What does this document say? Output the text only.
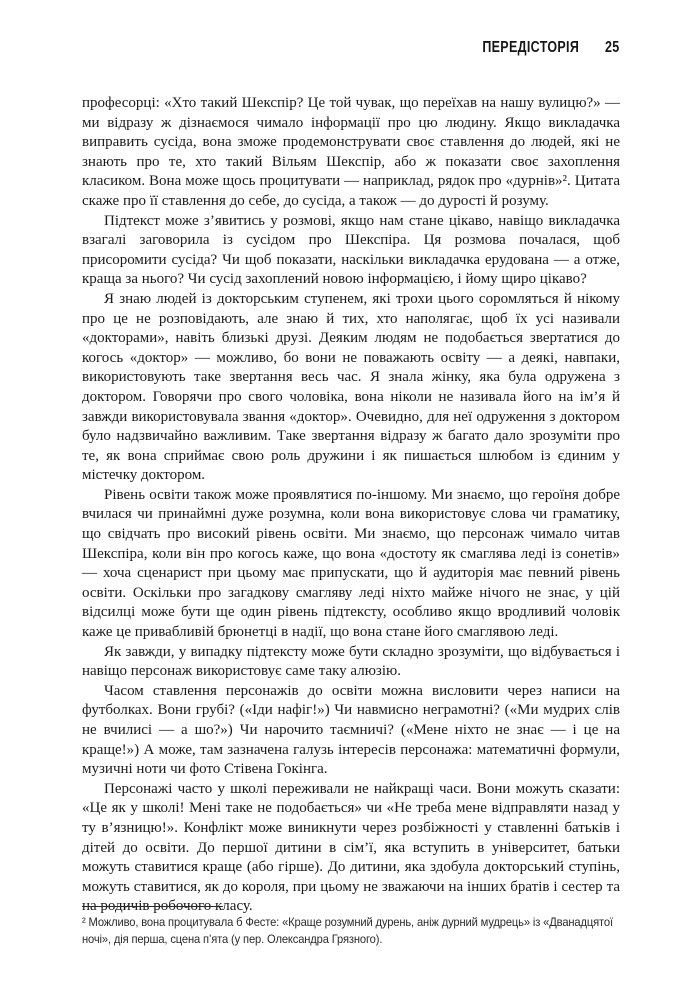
ПЕРЕДІСТОРІЯ 25

професорці: «Хто такий Шекспір? Це той чувак, що переїхав на нашу вулицю?» — ми відразу ж дізнаємося чимало інформації про цю людину. Якщо викладачка виправить сусіда, вона зможе продемонструвати своє ставлення до людей, які не знають про те, хто такий Вільям Шекспір, або ж показати своє захоплення класиком. Вона може щось процитувати — наприклад, рядок про «дурнів»². Цитата скаже про її ставлення до себе, до сусіда, а також — до дурості й розуму.

Підтекст може з’явитись у розмові, якщо нам стане цікаво, навіщо викладачка взагалі заговорила із сусідом про Шекспіра. Ця розмова почалася, щоб присоромити сусіда? Чи щоб показати, наскільки викладачка ерудована — а отже, краща за нього? Чи сусід захоплений новою інформацією, і йому щиро цікаво?

Я знаю людей із докторським ступенем, які трохи цього соромляться й нікому про це не розповідають, але знаю й тих, хто наполягає, щоб їх усі називали «докторами», навіть близькі друзі. Деяким людям не подобається звертатися до когось «доктор» — можливо, бо вони не поважають освіту — а деякі, навпаки, використовують таке звертання весь час. Я знала жінку, яка була одружена з доктором. Говорячи про свого чоловіка, вона ніколи не називала його на ім’я й завжди використовувала звання «доктор». Очевидно, для неї одруження з доктором було надзвичайно важливим. Таке звертання відразу ж багато дало зрозуміти про те, як вона сприймає свою роль дружини і як пишається шлюбом із єдиним у містечку доктором.

Рівень освіти також може проявлятися по-іншому. Ми знаємо, що героїня добре вчилася чи принаймні дуже розумна, коли вона використовує слова чи граматику, що свідчать про високий рівень освіти. Ми знаємо, що персонаж чимало читав Шекспіра, коли він про когось каже, що вона «достоту як смаглява леді із сонетів» — хоча сценарист при цьому має припускати, що й аудиторія має певний рівень освіти. Оскільки про загадкову смагляву леді ніхто майже нічого не знає, у цій відсилці може бути ще один рівень підтексту, особливо якщо вродливий чоловік каже це привабливій брюнетці в надії, що вона стане його смаглявою леді.

Як завжди, у випадку підтексту може бути складно зрозуміти, що відбувається і навіщо персонаж використовує саме таку алюзію.

Часом ставлення персонажів до освіти можна висловити через написи на футболках. Вони грубі? («Іди нафіг!») Чи навмисно неграмотні? («Ми мудрих слів не вчилисі — а шо?») Чи нарочито таємничі? («Мене ніхто не знає — і це на краще!») А може, там зазначена галузь інтересів персонажа: математичні формули, музичні ноти чи фото Стівена Гокінга.

Персонажі часто у школі переживали не найкращі часи. Вони можуть сказати: «Це як у школі! Мені таке не подобається» чи «Не треба мене відправляти назад у ту в’язницю!». Конфлікт може виникнути через розбіжності у ставленні батьків і дітей до освіти. До першої дитини в сім’ї, яка вступить в університет, батьки можуть ставитися краще (або гірше). До дитини, яка здобула докторський ступінь, можуть ставитися, як до короля, при цьому не зважаючи на інших братів і сестер та на родичів робочого класу.

² Можливо, вона процитувала б Фесте: «Краще розумний дурень, аніж дурний мудрець» із «Дванадцятої ночі», дія перша, сцена п’ята (у пер. Олександра Грязного).
